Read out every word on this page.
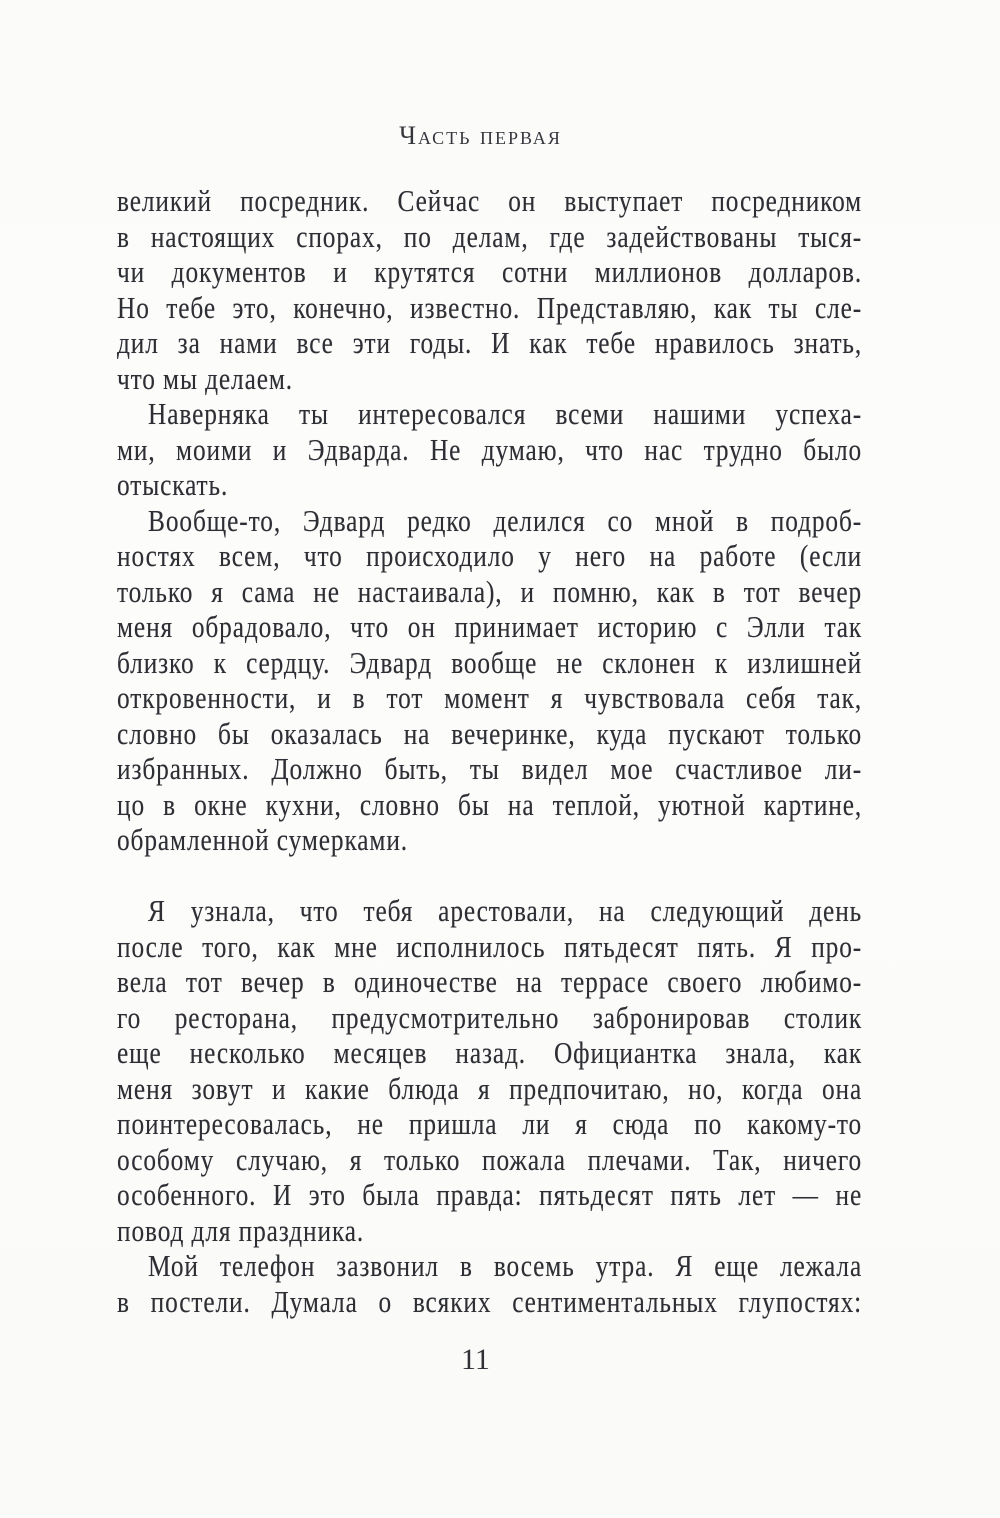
Часть первая
великий посредник. Сейчас он выступает посредником
в настоящих спорах, по делам, где задействованы тыся-
чи документов и крутятся сотни миллионов долларов.
Но тебе это, конечно, известно. Представляю, как ты сле-
дил за нами все эти годы. И как тебе нравилось знать,
что мы делаем.
Наверняка ты интересовался всеми нашими успеха-
ми, моими и Эдварда. Не думаю, что нас трудно было
отыскать.
Вообще-то, Эдвард редко делился со мной в подроб-
ностях всем, что происходило у него на работе (если
только я сама не настаивала), и помню, как в тот вечер
меня обрадовало, что он принимает историю с Элли так
близко к сердцу. Эдвард вообще не склонен к излишней
откровенности, и в тот момент я чувствовала себя так,
словно бы оказалась на вечеринке, куда пускают только
избранных. Должно быть, ты видел мое счастливое ли-
цо в окне кухни, словно бы на теплой, уютной картине,
обрамленной сумерками.
Я узнала, что тебя арестовали, на следующий день
после того, как мне исполнилось пятьдесят пять. Я про-
вела тот вечер в одиночестве на террасе своего любимо-
го ресторана, предусмотрительно забронировав столик
еще несколько месяцев назад. Официантка знала, как
меня зовут и какие блюда я предпочитаю, но, когда она
поинтересовалась, не пришла ли я сюда по какому-то
особому случаю, я только пожала плечами. Так, ничего
особенного. И это была правда: пятьдесят пять лет — не
повод для праздника.
Мой телефон зазвонил в восемь утра. Я еще лежала
в постели. Думала о всяких сентиментальных глупостях:
11
